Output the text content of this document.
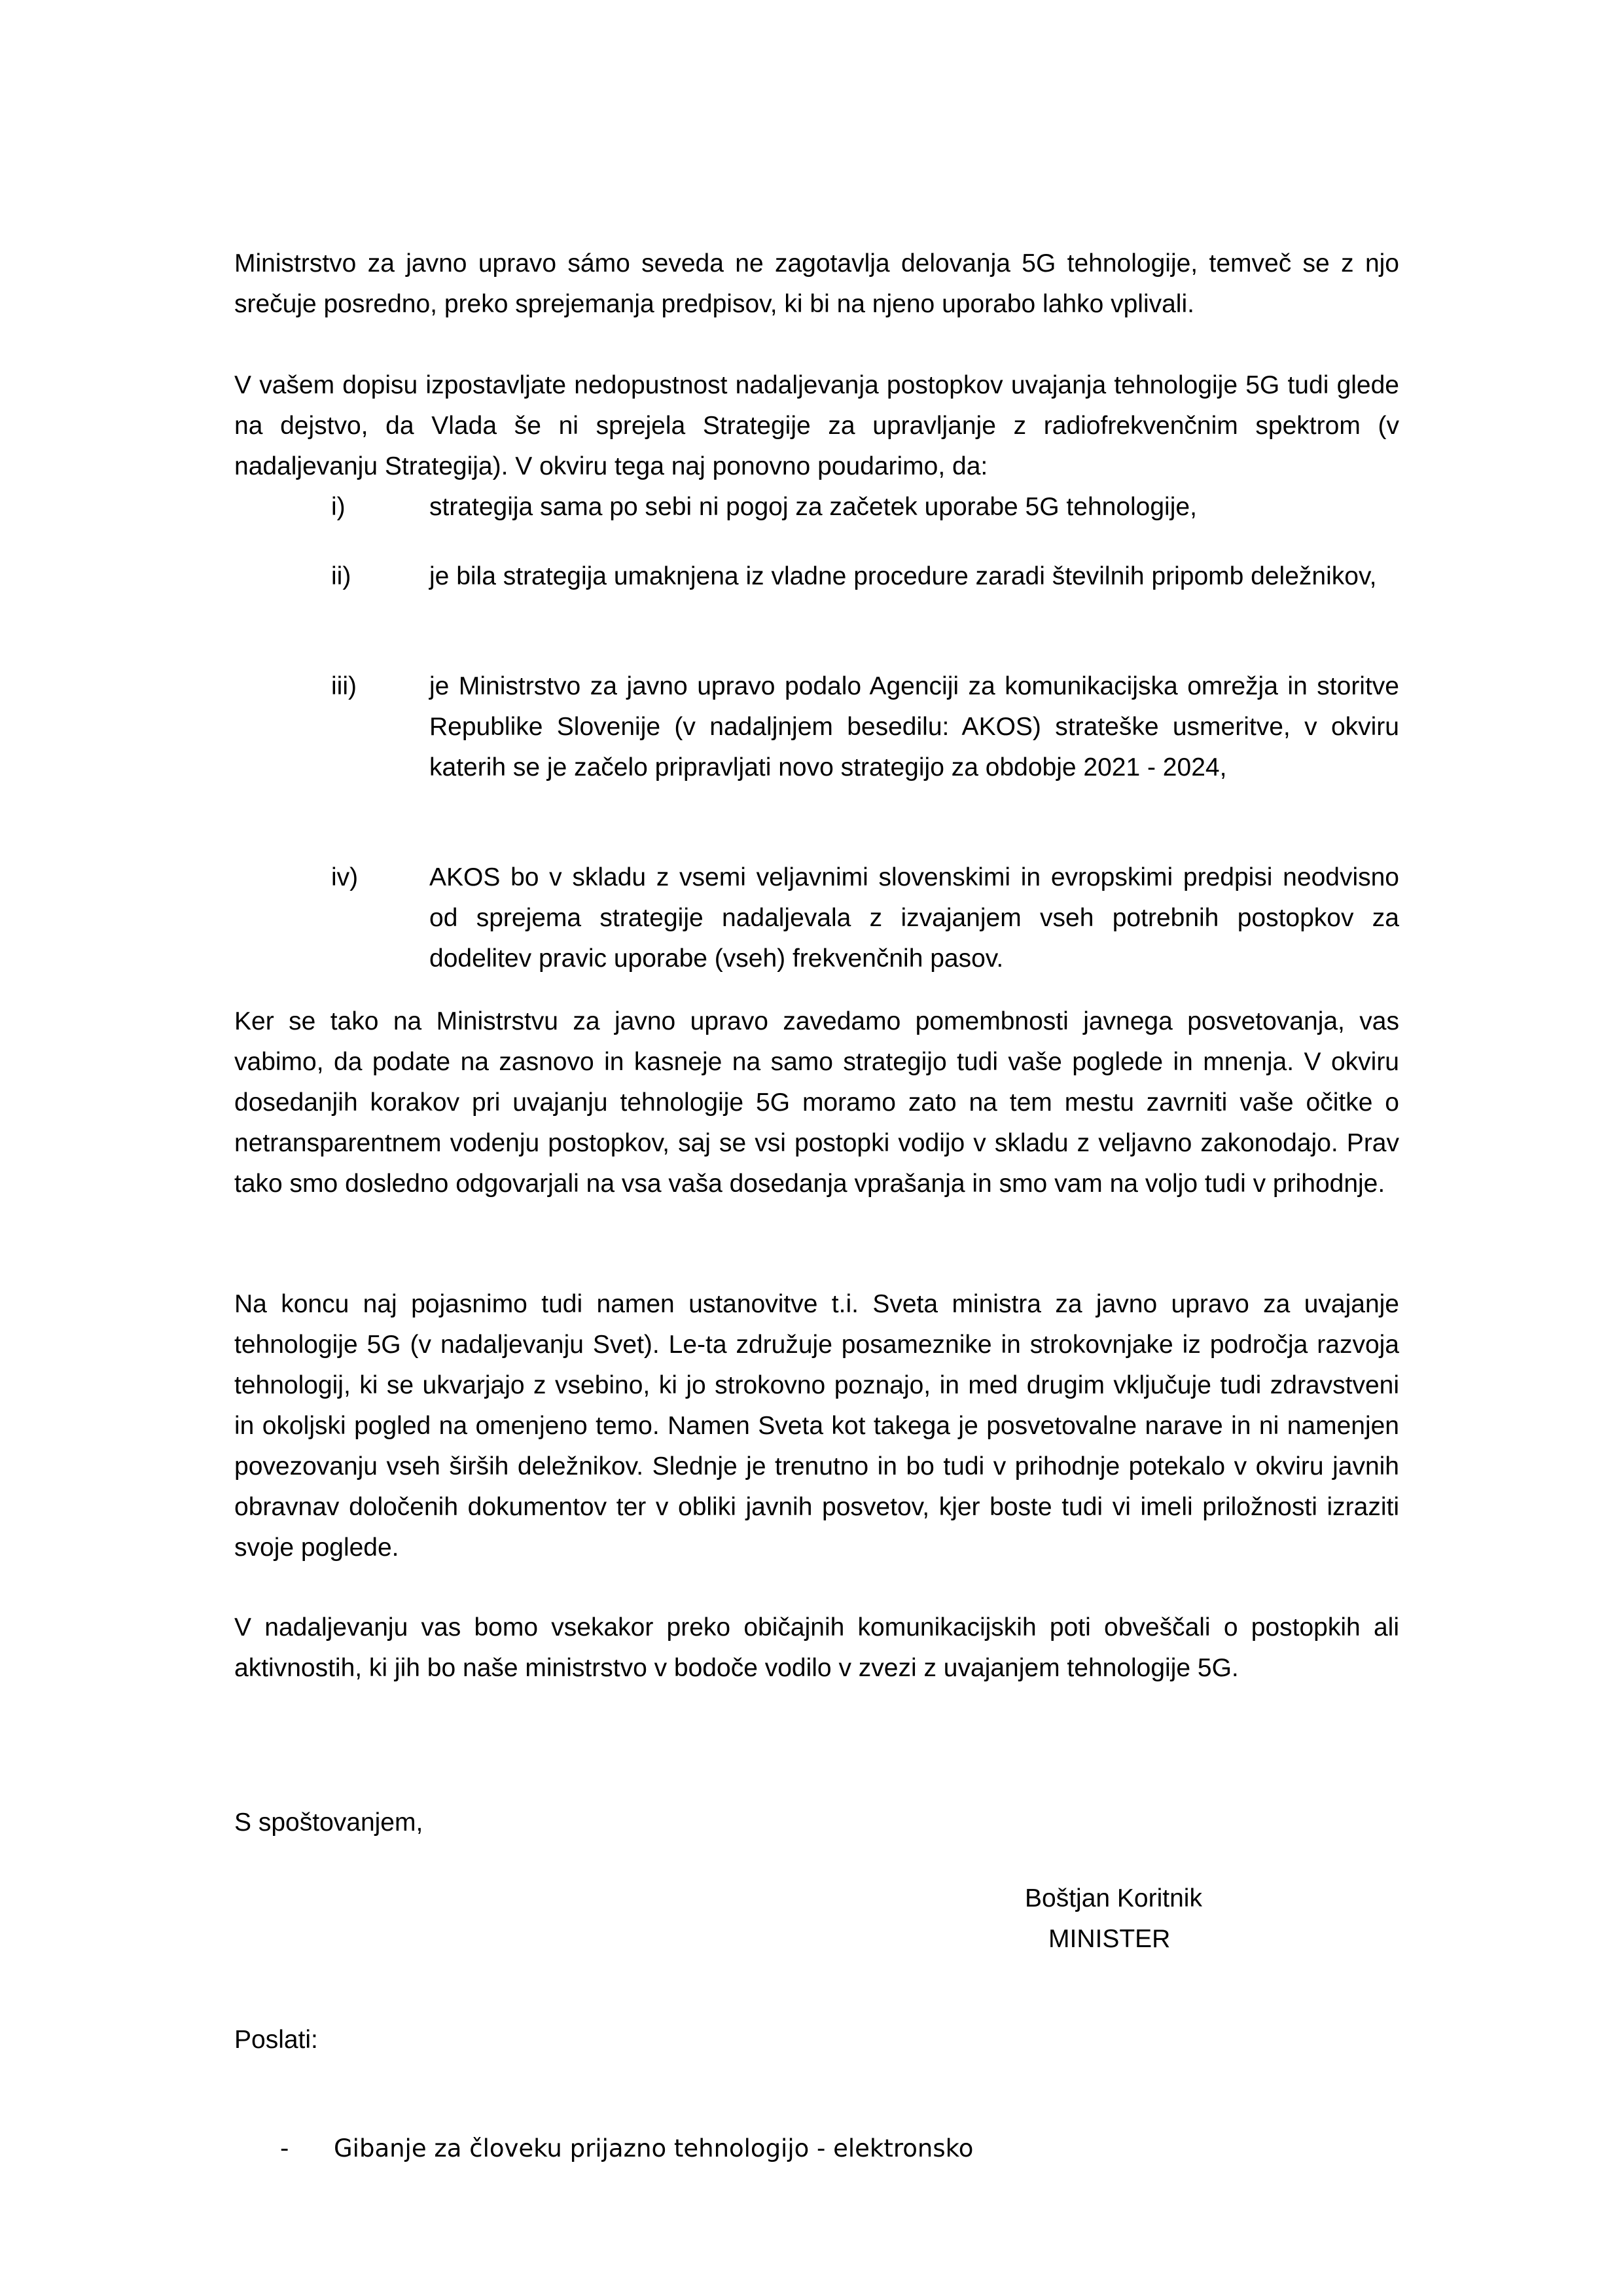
Ministrstvo za javno upravo sámo seveda ne zagotavlja delovanja 5G tehnologije, temveč se z njo srečuje posredno, preko sprejemanja predpisov, ki bi na njeno uporabo lahko vplivali.

V vašem dopisu izpostavljate nedopustnost nadaljevanja postopkov uvajanja tehnologije 5G tudi glede na dejstvo, da Vlada še ni sprejela Strategije za upravljanje z radiofrekvenčnim spektrom (v nadaljevanju Strategija). V okviru tega naj ponovno poudarimo, da:

i)	strategija sama po sebi ni pogoj za začetek uporabe 5G tehnologije,
ii)	je bila strategija umaknjena iz vladne procedure zaradi številnih pripomb deležnikov,
iii)	je Ministrstvo za javno upravo podalo Agenciji za komunikacijska omrežja in storitve Republike Slovenije (v nadaljnjem besedilu: AKOS) strateške usmeritve, v okviru katerih se je začelo pripravljati novo strategijo za obdobje 2021 - 2024,
iv)	AKOS bo v skladu z vsemi veljavnimi slovenskimi in evropskimi predpisi neodvisno od sprejema strategije nadaljevala z izvajanjem vseh potrebnih postopkov za dodelitev pravic uporabe (vseh) frekvenčnih pasov.

Ker se tako na Ministrstvu za javno upravo zavedamo pomembnosti javnega posvetovanja, vas vabimo, da podate na zasnovo in kasneje na samo strategijo tudi vaše poglede in mnenja. V okviru dosedanjih korakov pri uvajanju tehnologije 5G moramo zato na tem mestu zavrniti vaše očitke o netransparentnem vodenju postopkov, saj se vsi postopki vodijo v skladu z veljavno zakonodajo. Prav tako smo dosledno odgovarjali na vsa vaša dosedanja vprašanja in smo vam na voljo tudi v prihodnje.

Na koncu naj pojasnimo tudi namen ustanovitve t.i. Sveta ministra za javno upravo za uvajanje tehnologije 5G (v nadaljevanju Svet). Le-ta združuje posameznike in strokovnjake iz področja razvoja tehnologij, ki se ukvarjajo z vsebino, ki jo strokovno poznajo, in med drugim vključuje tudi zdravstveni in okoljski pogled na omenjeno temo. Namen Sveta kot takega je posvetovalne narave in ni namenjen povezovanju vseh širših deležnikov. Slednje je trenutno in bo tudi v prihodnje potekalo v okviru javnih obravnav določenih dokumentov ter v obliki javnih posvetov, kjer boste tudi vi imeli priložnosti izraziti svoje poglede.

V nadaljevanju vas bomo vsekakor preko običajnih komunikacijskih poti obveščali o postopkih ali aktivnostih, ki jih bo naše ministrstvo v bodoče vodilo v zvezi z uvajanjem tehnologije 5G.

S spoštovanjem,

Boštjan Koritnik
MINISTER

Poslati:

- Gibanje za človeku prijazno tehnologijo - elektronsko
